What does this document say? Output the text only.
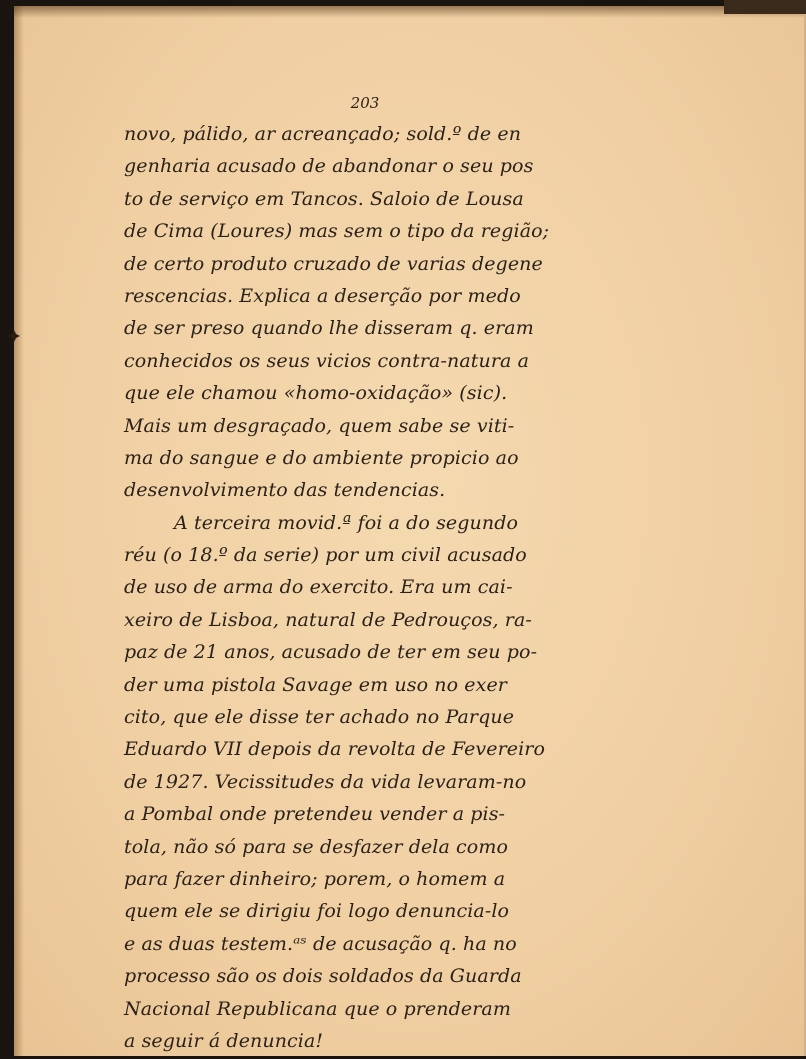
203
novo, pálido, ar acreançado; sold.º de en
genharia acusado de abandonar o seu pos
to de serviço em Tancos. Saloio de Lousa
de Cima (Loures) mas sem o tipo da região;
de certo produto cruzado de varias degene
rescencias. Explica a deserção por medo
de ser preso quando lhe disseram q. eram
conhecidos os seus vicios contra-natura a
que ele chamou «homo-oxidação» (sic).
Mais um desgraçado, quem sabe se viti-
ma do sangue e do ambiente propicio ao
desenvolvimento das tendencias.
A terceira movid.ª foi a do segundo
réu (o 18.º da serie) por um civil acusado
de uso de arma do exercito. Era um cai-
xeiro de Lisboa, natural de Pedrouços, ra-
paz de 21 anos, acusado de ter em seu po-
der uma pistola Savage em uso no exer
cito, que ele disse ter achado no Parque
Eduardo VII depois da revolta de Fevereiro
de 1927. Vecissitudes da vida levaram-no
a Pombal onde pretendeu vender a pis-
tola, não só para se desfazer dela como
para fazer dinheiro; porem, o homem a
quem ele se dirigiu foi logo denuncia-lo
e as duas testem.ᵃˢ de acusação q. ha no
processo são os dois soldados da Guarda
Nacional Republicana que o prenderam
a seguir á denuncia!
